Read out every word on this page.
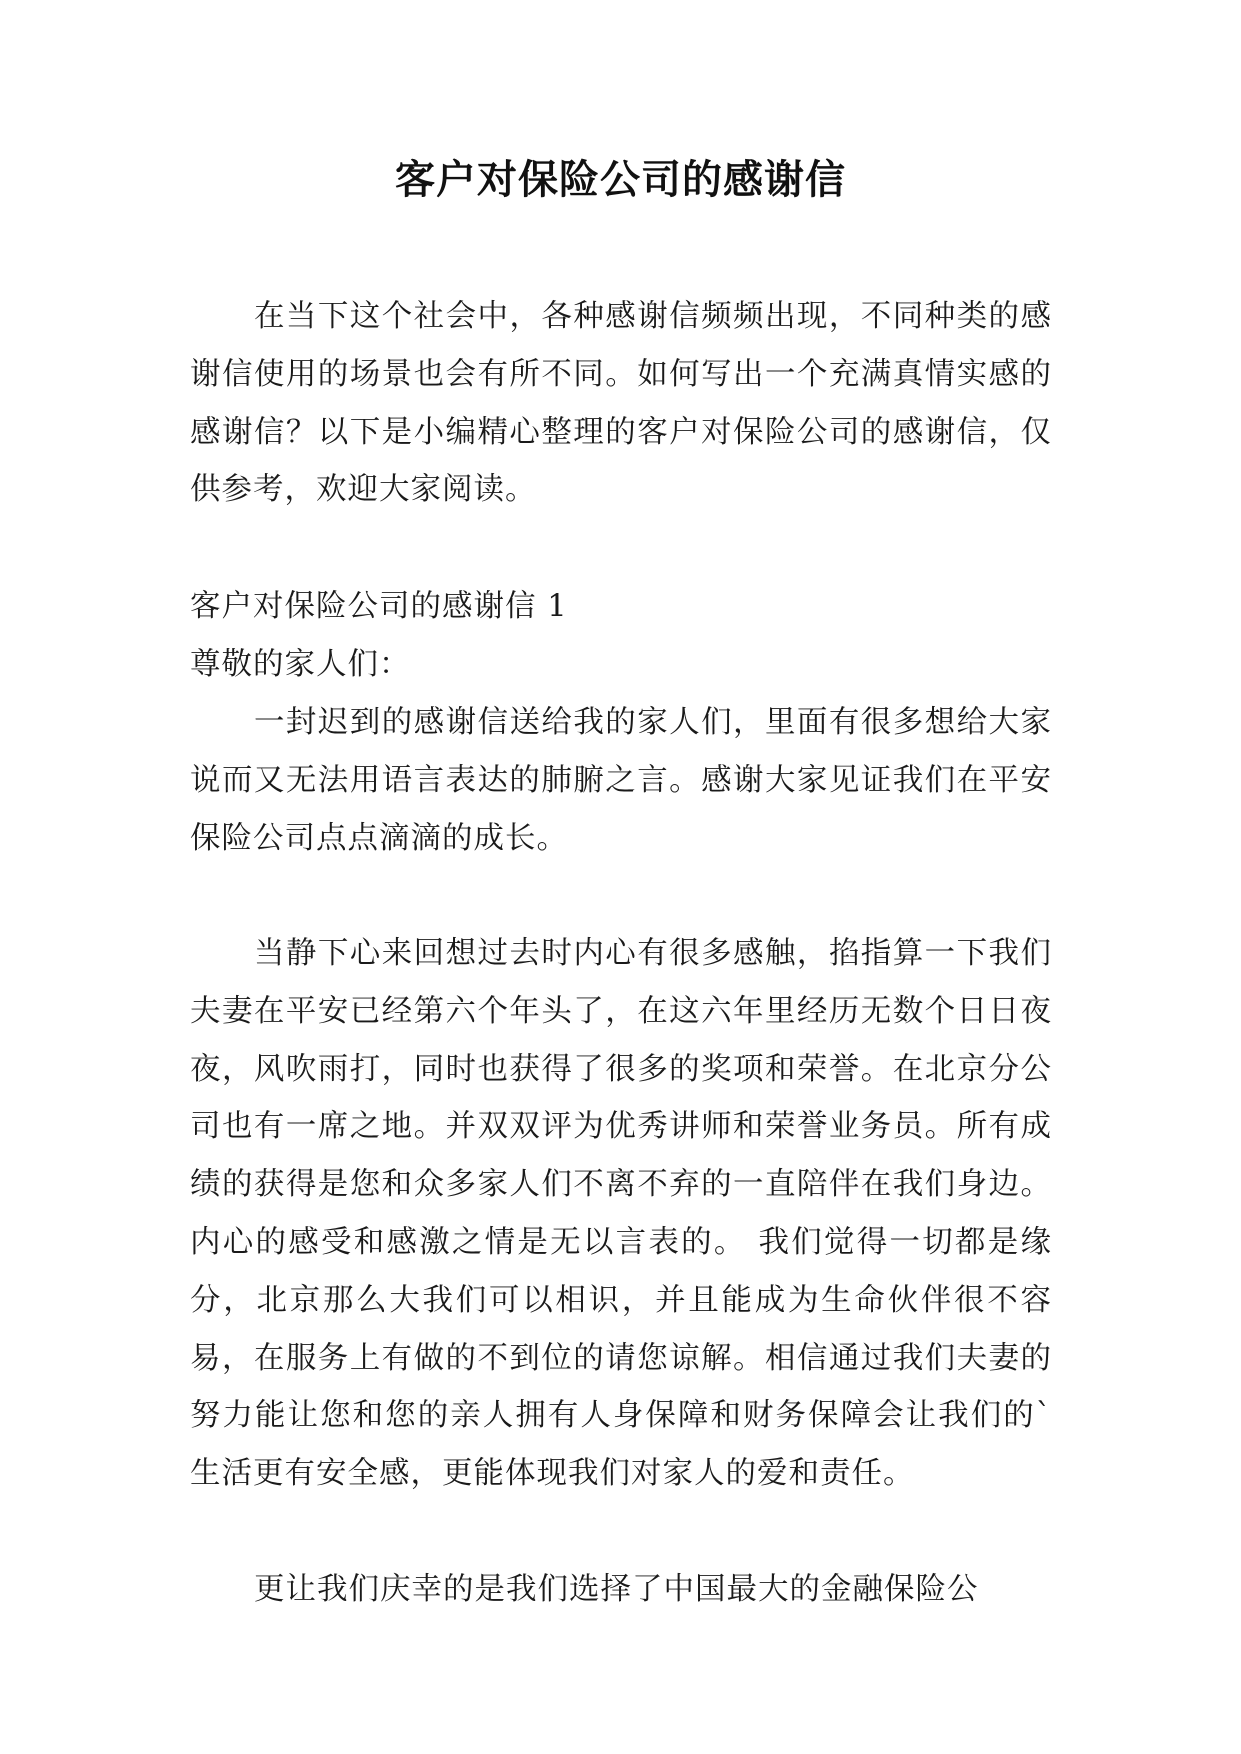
客户对保险公司的感谢信

在当下这个社会中，各种感谢信频频出现，不同种类的感谢信使用的场景也会有所不同。如何写出一个充满真情实感的感谢信？以下是小编精心整理的客户对保险公司的感谢信，仅供参考，欢迎大家阅读。

客户对保险公司的感谢信 1

尊敬的家人们：

一封迟到的感谢信送给我的家人们，里面有很多想给大家说而又无法用语言表达的肺腑之言。感谢大家见证我们在平安保险公司点点滴滴的成长。

当静下心来回想过去时内心有很多感触，掐指算一下我们夫妻在平安已经第六个年头了，在这六年里经历无数个日日夜夜，风吹雨打，同时也获得了很多的奖项和荣誉。在北京分公司也有一席之地。并双双评为优秀讲师和荣誉业务员。所有成绩的获得是您和众多家人们不离不弃的一直陪伴在我们身边。内心的感受和感激之情是无以言表的。 我们觉得一切都是缘分，北京那么大我们可以相识，并且能成为生命伙伴很不容易，在服务上有做的不到位的请您谅解。相信通过我们夫妻的努力能让您和您的亲人拥有人身保障和财务保障会让我们的`生活更有安全感，更能体现我们对家人的爱和责任。

更让我们庆幸的是我们选择了中国最大的金融保险公
